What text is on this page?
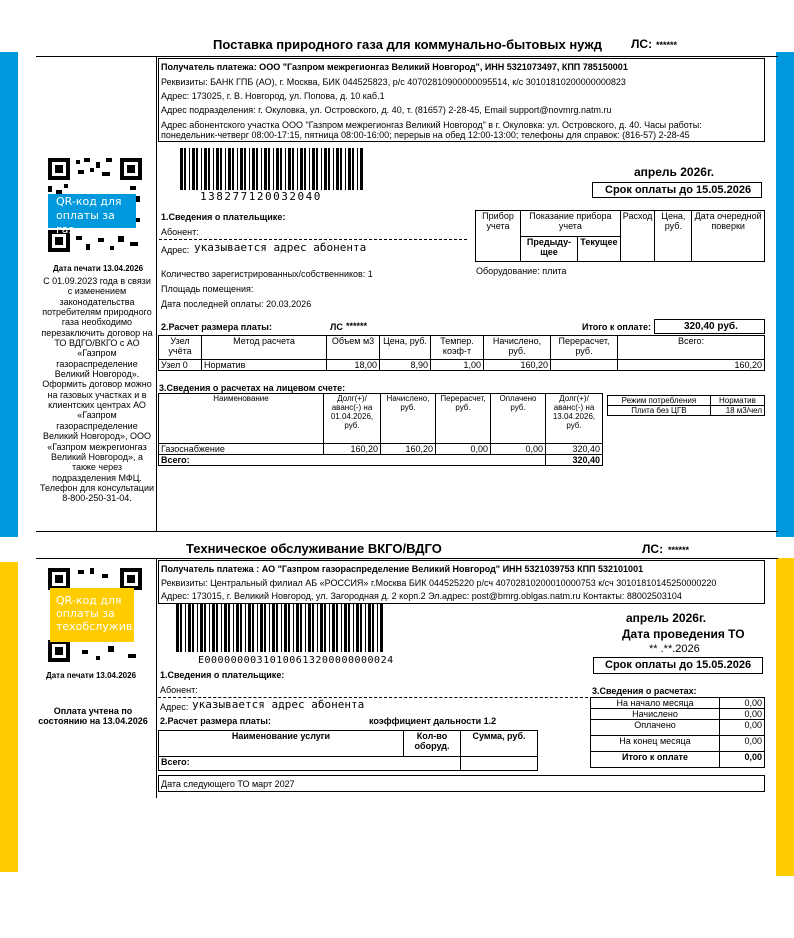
Поставка природного газа для коммунально-бытовых нужд ЛС: ******
Получатель платежа: ООО "Газпром межрегионгаз Великий Новгород", ИНН 5321073497, КПП 785150001
Реквизиты: БАНК ГПБ (АО), г. Москва, БИК 044525823, р/с 40702810900000095514, к/с 30101810200000000823
Адрес: 173025, г. В. Новгород, ул. Попова, д. 10 каб.1
Адрес подразделения: г. Окуловка, ул. Островского, д. 40, т. (81657) 2-28-45, Email support@novmrg.natm.ru
Адрес абонентского участка ООО "Газпром межрегионгаз Великий Новгород" в г. Окуловка: ул. Островского, д. 40. Часы работы:
понедельник-четверг 08:00-17:15, пятница 08:00-16:00; перерыв на обед 12:00-13:00; телефоны для справок: (816-57) 2-28-45
QR-код для оплаты за газ
Дата печати 13.04.2026
С 01.09.2023 года в связи с изменением законодательства потребителям природного газа необходимо перезаключить договор на ТО ВДГО/ВКГО с АО «Газпром газораспределение Великий Новгород». Оформить договор можно на газовых участках и в клиентских центрах АО «Газпром газораспределение Великий Новгород», ООО «Газпром межрегионгаз Великий Новгород», а также через подразделения МФЦ. Телефон для консультации 8-800-250-31-04.
138277120032040
апрель 2026г.
Срок оплаты до 15.05.2026
1.Сведения о плательщике:
Абонент:
Адрес: указывается адрес абонента
Количество зарегистрированных/собственников: 1
Площадь помещения:
Дата последней оплаты: 20.03.2026
Прибор учета	Показание прибора учета		Расход	Цена, руб.	Дата очередной поверки
	Предыду-щее	Текущее			
Оборудование: плита
2.Расчет размера платы:	ЛС ******	Итого к оплате:	320,40 руб.
Узел учёта	Метод расчета	Объем м3	Цена, руб.	Темпер. коэф-т	Начислено, руб.	Перерасчет, руб.	Всего:
Узел 0	Норматив	18,00	8,90	1,00	160,20		160,20
3.Сведения о расчетах на лицевом счете:
Наименование	Долг(+)/ аванс(-) на 01.04.2026, руб.	Начислено, руб.	Перерасчет, руб.	Оплачено руб.	Долг(+)/ аванс(-) на 13.04.2026, руб.
Газоснабжение	160,20	160,20	0,00	0,00	320,40
Всего:					320,40
Режим потребления	Норматив
Плита без ЦГВ	18 м3/чел
Техническое обслуживание ВКГО/ВДГО	ЛС: ******
Получатель платежа : АО "Газпром газораспределение Великий Новгород" ИНН 5321039753 КПП 532101001
Реквизиты: Центральный филиал АБ «РОССИЯ» г.Москва БИК 044525220 р/сч 40702810200010000753 к/сч 30101810145250000220
Адрес: 173015, г. Великий Новгород, ул. Загородная д. 2 корп.2 Эл.адрес: post@bmrg.oblgas.natm.ru Контакты: 88002503104
QR-код для оплаты за техобслужив.
Дата печати 13.04.2026
Оплата учтена по состоянию на 13.04.2026
E00000000310100613200000000024
апрель 2026г.
Дата проведения ТО
** .**.2026
Срок оплаты до 15.05.2026
1.Сведения о плательщике:
Абонент:
Адрес: указывается адрес абонента
2.Расчет размера платы:	коэффициент дальности 1.2
Наименование услуги	Кол-во оборуд.	Сумма, руб.
Всего:		
3.Сведения о расчетах:
На начало месяца	0,00
Начислено	0,00
Оплачено	0,00
На конец месяца	0,00
Итого к оплате	0,00
Дата следующего ТО март 2027
